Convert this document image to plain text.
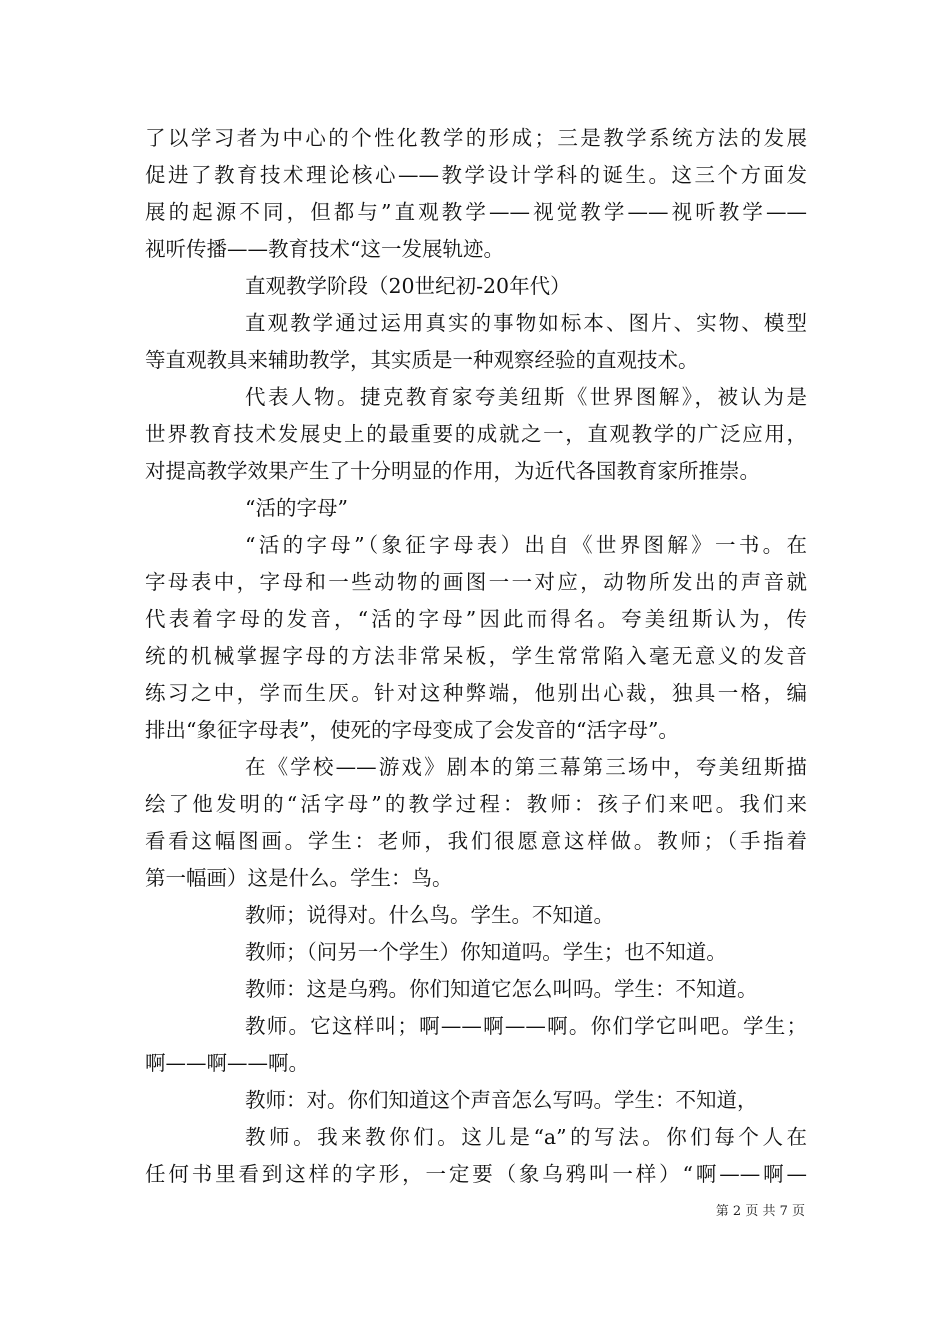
了以学习者为中心的个性化教学的形成；三是教学系统方法的发展
促进了教育技术理论核心——教学设计学科的诞生。这三个方面发
展的起源不同，但都与”直观教学——视觉教学——视听教学——
视听传播——教育技术“这一发展轨迹。
直观教学阶段（20世纪初-20年代）
直观教学通过运用真实的事物如标本、图片、实物、模型
等直观教具来辅助教学，其实质是一种观察经验的直观技术。
代表人物。捷克教育家夸美纽斯《世界图解》，被认为是
世界教育技术发展史上的最重要的成就之一，直观教学的广泛应用，
对提高教学效果产生了十分明显的作用，为近代各国教育家所推崇。
“活的字母”
“活的字母”（象征字母表）出自《世界图解》一书。在
字母表中，字母和一些动物的画图一一对应，动物所发出的声音就
代表着字母的发音，“活的字母”因此而得名。夸美纽斯认为，传
统的机械掌握字母的方法非常呆板，学生常常陷入毫无意义的发音
练习之中，学而生厌。针对这种弊端，他别出心裁，独具一格，编
排出“象征字母表”，使死的字母变成了会发音的“活字母”。
在《学校——游戏》剧本的第三幕第三场中，夸美纽斯描
绘了他发明的“活字母”的教学过程：教师：孩子们来吧。我们来
看看这幅图画。学生：老师，我们很愿意这样做。教师；（手指着
第一幅画）这是什么。学生：鸟。
教师；说得对。什么鸟。学生。不知道。
教师；（问另一个学生）你知道吗。学生；也不知道。
教师：这是乌鸦。你们知道它怎么叫吗。学生：不知道。
教师。它这样叫；啊——啊——啊。你们学它叫吧。学生；
啊——啊——啊。
教师：对。你们知道这个声音怎么写吗。学生：不知道，
教师。我来教你们。这儿是“a”的写法。你们每个人在
任何书里看到这样的字形，一定要（象乌鸦叫一样）“啊——啊—
第 2 页 共 7 页
